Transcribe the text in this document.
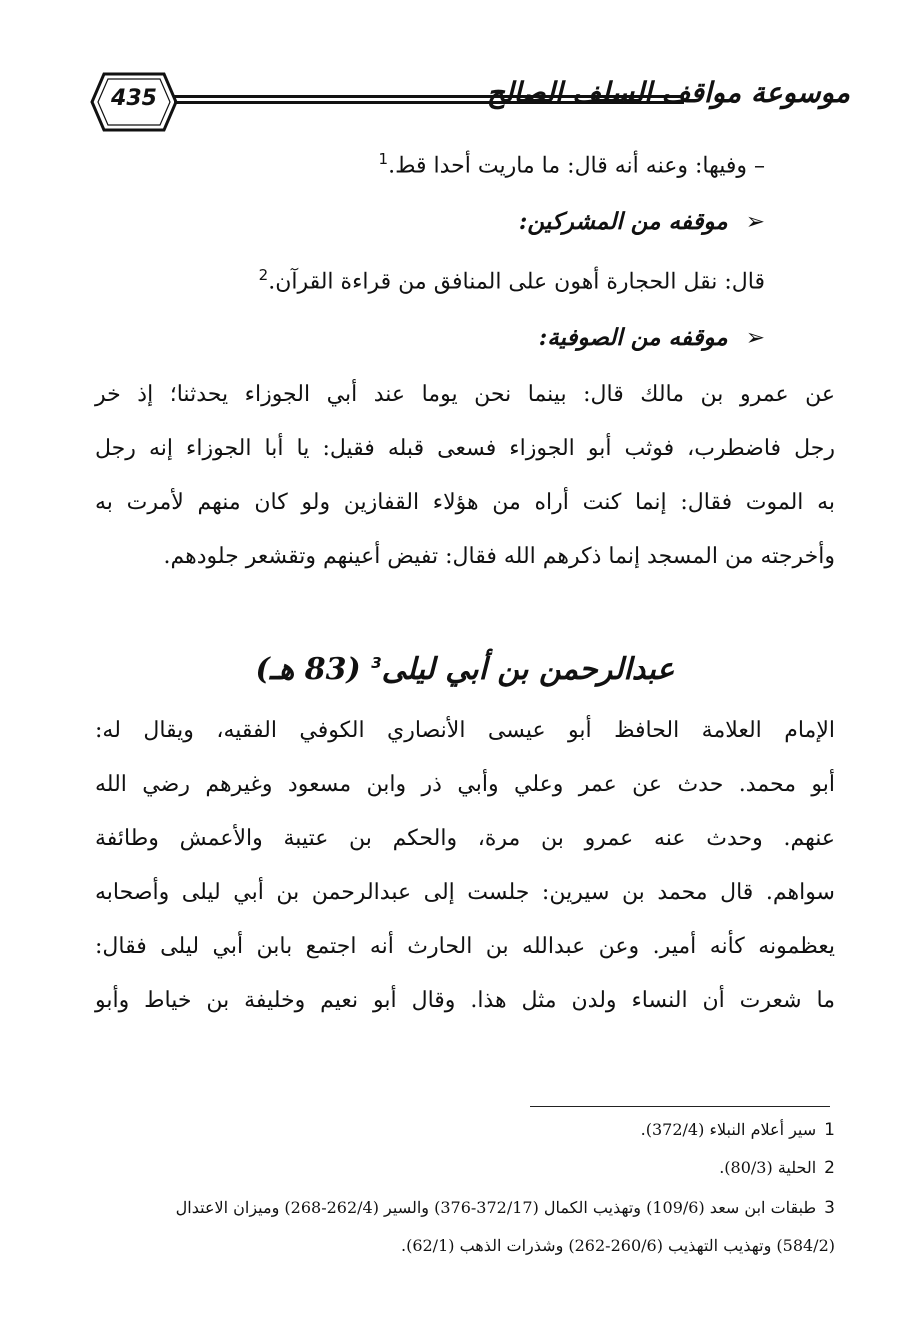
435	موسوعة مواقف السلف الصالح
– وفيها: وعنه أنه قال: ما ماريت أحدا قط.$^1$
➢موقفه من المشركين:
قال: نقل الحجارة أهون على المنافق من قراءة القرآن.$^2$
➢موقفه من الصوفية:
عن عمرو بن مالك قال: بينما نحن يوما عند أبي الجوزاء يحدثنا؛ إذ خر
رجل فاضطرب، فوثب أبو الجوزاء فسعى قبله فقيل: يا أبا الجوزاء إنه رجل
به الموت فقال: إنما كنت أراه من هؤلاء القفازين ولو كان منهم لأمرت به
وأخرجته من المسجد إنما ذكرهم الله فقال: تفيض أعينهم وتقشعر جلودهم.
عبدالرحمن بن أبي ليلى$^3$ (83 هـ)
الإمام العلامة الحافظ أبو عيسى الأنصاري الكوفي الفقيه، ويقال له:
أبو محمد. حدث عن عمر وعلي وأبي ذر وابن مسعود وغيرهم رضي الله
عنهم. وحدث عنه عمرو بن مرة، والحكم بن عتيبة والأعمش وطائفة
سواهم. قال محمد بن سيرين: جلست إلى عبدالرحمن بن أبي ليلى وأصحابه
يعظمونه كأنه أمير. وعن عبدالله بن الحارث أنه اجتمع بابن أبي ليلى فقال:
ما شعرت أن النساء ولدن مثل هذا. وقال أبو نعيم وخليفة بن خياط وأبو
1سير أعلام النبلاء (372/4).
2الحلية (80/3).
3طبقات ابن سعد (109/6) وتهذيب الكمال (372/17-376) والسير (262/4-268) وميزان الاعتدال
(584/2) وتهذيب التهذيب (260/6-262) وشذرات الذهب (62/1).
